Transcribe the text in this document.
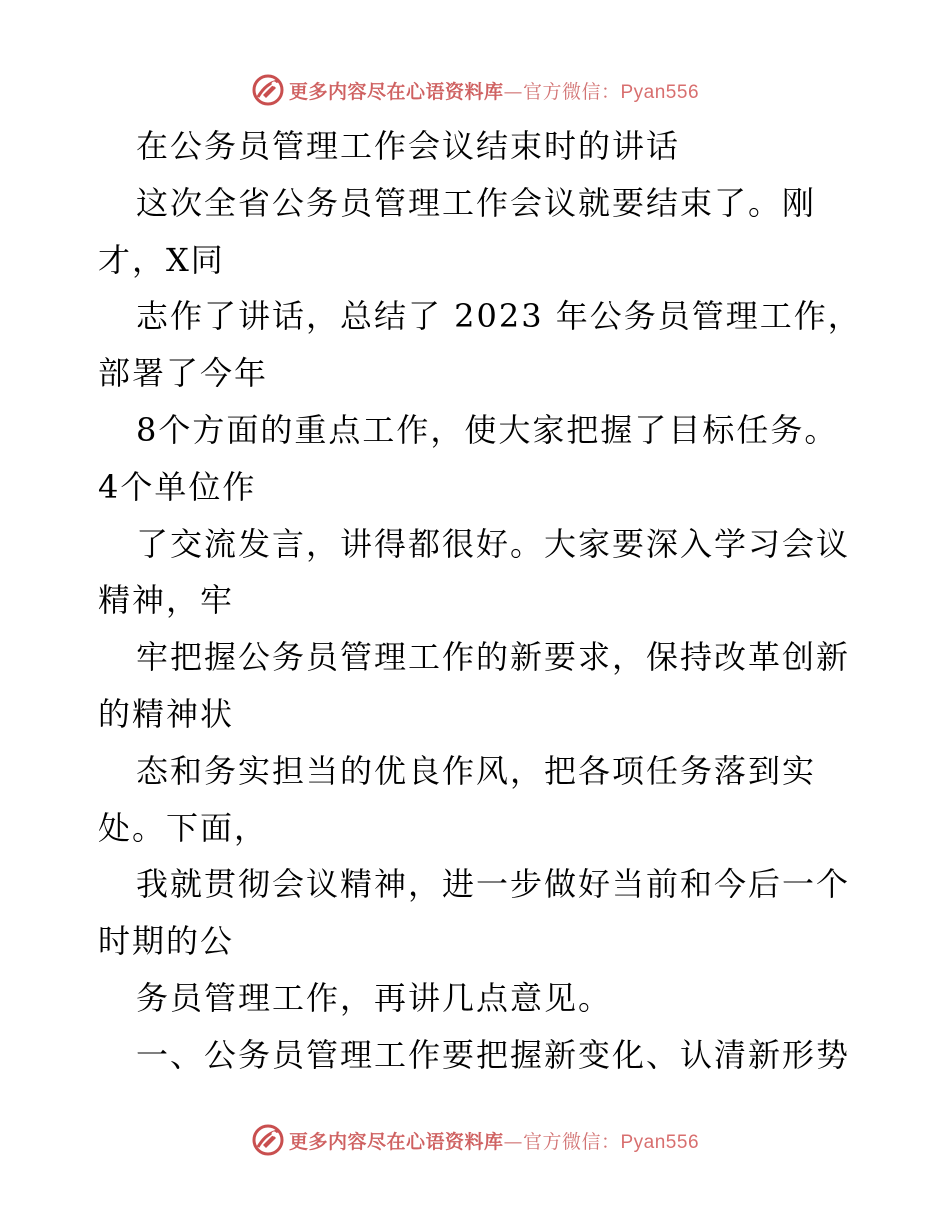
更多内容尽在心语资料库—官方微信：Pyan556
在公务员管理工作会议结束时的讲话
这次全省公务员管理工作会议就要结束了。刚
才，X同
志作了讲话，总结了 2023 年公务员管理工作，
部署了今年
8个方面的重点工作，使大家把握了目标任务。
4个单位作
了交流发言，讲得都很好。大家要深入学习会议
精神，牢
牢把握公务员管理工作的新要求，保持改革创新
的精神状
态和务实担当的优良作风，把各项任务落到实
处。下面，
我就贯彻会议精神，进一步做好当前和今后一个
时期的公
务员管理工作，再讲几点意见。
一、公务员管理工作要把握新变化、认清新形势
更多内容尽在心语资料库—官方微信：Pyan556
